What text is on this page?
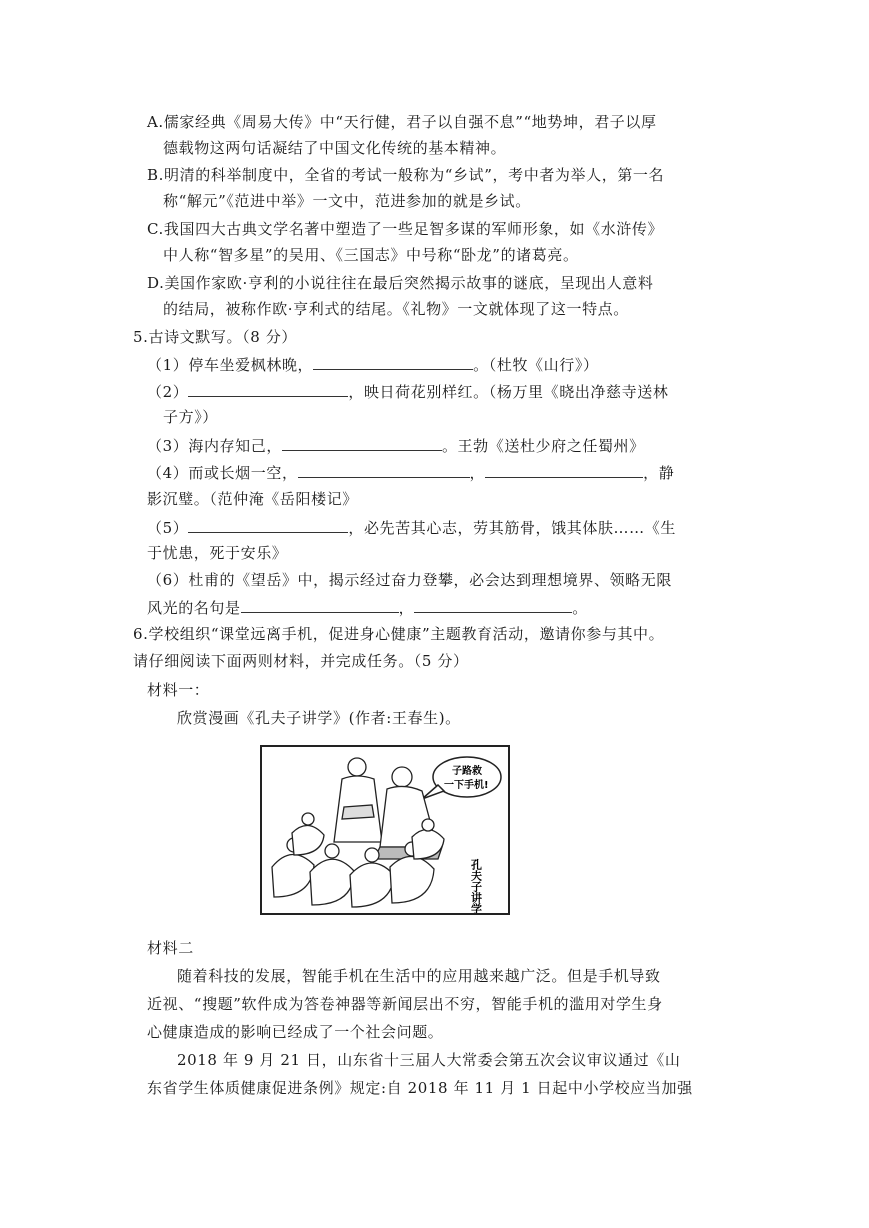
A.儒家经典《周易大传》中“天行健，君子以自强不息”“地势坤，君子以厚
德载物这两句话凝结了中国文化传统的基本精神。
B.明清的科举制度中，全省的考试一般称为“乡试”，考中者为举人，第一名
称“解元”《范进中举》一文中，范进参加的就是乡试。
C.我国四大古典文学名著中塑造了一些足智多谋的军师形象，如《水浒传》
中人称“智多星”的吴用、《三国志》中号称“卧龙”的诸葛亮。
D.美国作家欧·亨利的小说往往在最后突然揭示故事的谜底，呈现出人意料
的结局，被称作欧·亨利式的结尾。《礼物》一文就体现了这一特点。
5.古诗文默写。（8 分）
（1）停车坐爱枫林晚，	。（杜牧《山行》）
（2）	，映日荷花别样红。（杨万里《晓出净慈寺送林
子方》）
（3）海内存知己，	。王勃《送杜少府之任蜀州》
（4）而或长烟一空，	，	，静
影沉璧。（范仲淹《岳阳楼记》
（5）	，必先苦其心志，劳其筋骨，饿其体肤……《生
于忧患，死于安乐》
（6）杜甫的《望岳》中，揭示经过奋力登攀，必会达到理想境界、领略无限
风光的名句是	，	。
6.学校组织“课堂远离手机，促进身心健康”主题教育活动，邀请你参与其中。
请仔细阅读下面两则材料，并完成任务。（5 分）
材料一：
欣赏漫画《孔夫子讲学》(作者:王春生)。
子路救
一下手机!
孔夫子讲学
材料二
随着科技的发展，智能手机在生活中的应用越来越广泛。但是手机导致
近视、“搜题”软件成为答卷神器等新闻层出不穷，智能手机的滥用对学生身
心健康造成的影响已经成了一个社会问题。
2018 年 9 月 21 日，山东省十三届人大常委会第五次会议审议通过《山
东省学生体质健康促进条例》规定:自 2018 年 11 月 1 日起中小学校应当加强
